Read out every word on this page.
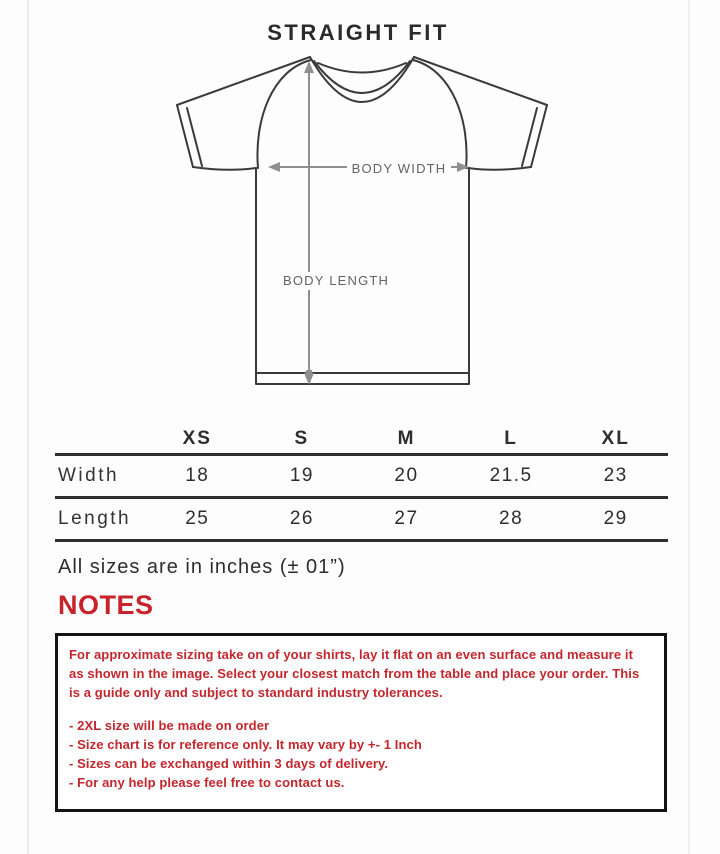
STRAIGHT FIT
BODY WIDTH
BODY LENGTH
XS	S	M	L	XL
Width	18	19	20	21.5	23
Length	25	26	27	28	29
All sizes are in inches (± 01”)
NOTES
For approximate sizing take on of your shirts, lay it flat on an even surface and measure it as shown in the image. Select your closest match from the table and place your order. This is a guide only and subject to standard industry tolerances.
- 2XL size will be made on order
- Size chart is for reference only. It may vary by +- 1 Inch
- Sizes can be exchanged within 3 days of delivery.
- For any help please feel free to contact us.
